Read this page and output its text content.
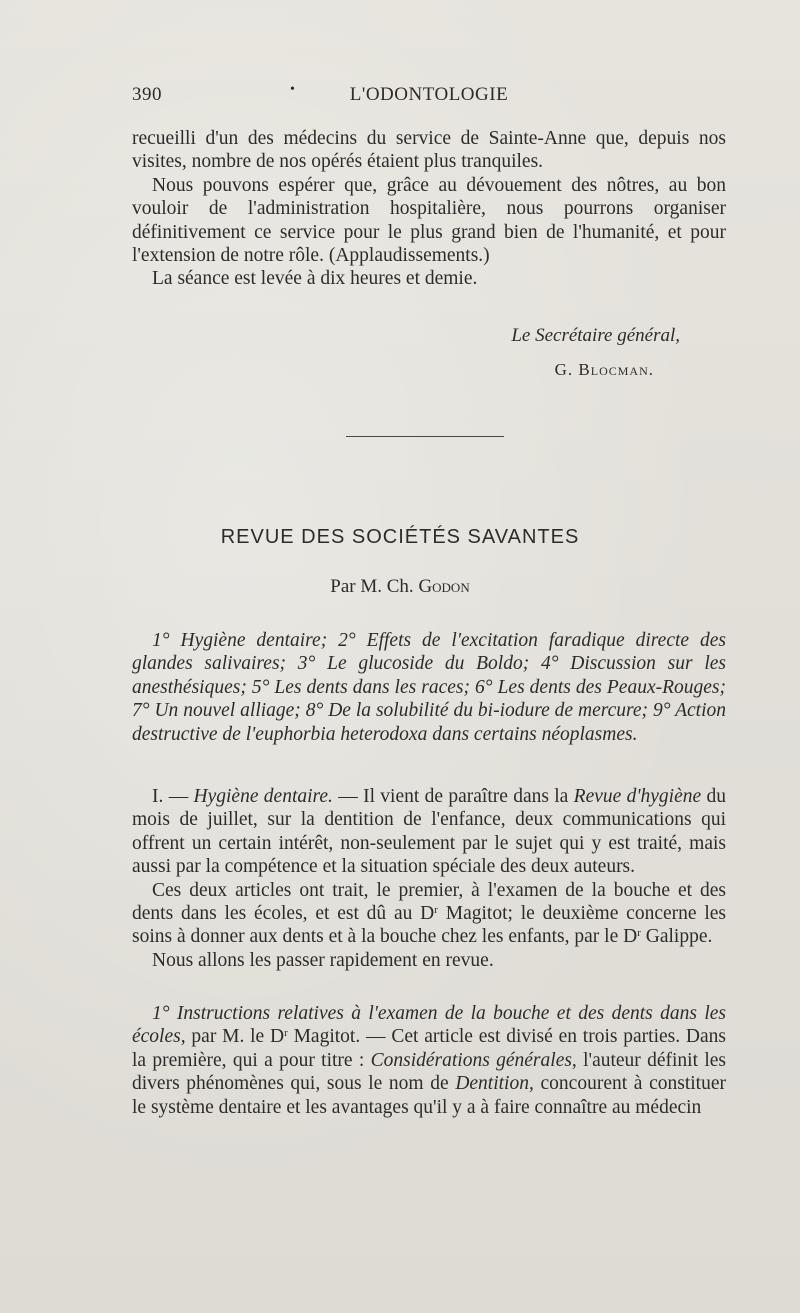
390	•	L'ODONTOLOGIE

recueilli d'un des médecins du service de Sainte-Anne que, depuis nos visites, nombre de nos opérés étaient plus tranquiles.

Nous pouvons espérer que, grâce au dévouement des nôtres, au bon vouloir de l'administration hospitalière, nous pourrons organiser définitivement ce service pour le plus grand bien de l'humanité, et pour l'extension de notre rôle. (Applaudissements.)

La séance est levée à dix heures et demie.

Le Secrétaire général,
G. Blocman.
REVUE DES SOCIÉTÉS SAVANTES
Par M. Ch. Godon

1° Hygiène dentaire; 2° Effets de l'excitation faradique directe des glandes salivaires; 3° Le glucoside du Boldo; 4° Discussion sur les anesthésiques; 5° Les dents dans les races; 6° Les dents des Peaux-Rouges; 7° Un nouvel alliage; 8° De la solubilité du bi-iodure de mercure; 9° Action destructive de l'euphorbia heterodoxa dans certains néoplasmes.

I. — Hygiène dentaire. — Il vient de paraître dans la Revue d'hygiène du mois de juillet, sur la dentition de l'enfance, deux communications qui offrent un certain intérêt, non-seulement par le sujet qui y est traité, mais aussi par la compétence et la situation spéciale des deux auteurs.

Ces deux articles ont trait, le premier, à l'examen de la bouche et des dents dans les écoles, et est dû au $D^r$ Magitot; le deuxième concerne les soins à donner aux dents et à la bouche chez les enfants, par le $D^r$ Galippe.

Nous allons les passer rapidement en revue.

1° Instructions relatives à l'examen de la bouche et des dents dans les écoles, par M. le $D^r$ Magitot. — Cet article est divisé en trois parties. Dans la première, qui a pour titre : Considérations générales, l'auteur définit les divers phénomènes qui, sous le nom de Dentition, concourent à constituer le système dentaire et les avantages qu'il y a à faire connaître au médecin
